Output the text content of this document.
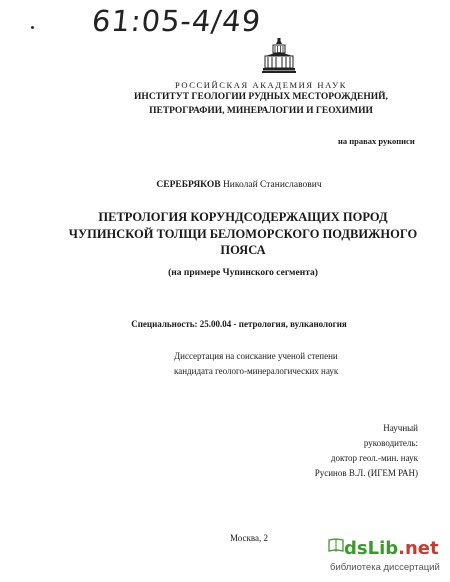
61:05-4/49
РОССИЙСКАЯ АКАДЕМИЯ НАУК
ИНСТИТУТ ГЕОЛОГИИ РУДНЫХ МЕСТОРОЖДЕНИЙ,
ПЕТРОГРАФИИ, МИНЕРАЛОГИИ И ГЕОХИМИИ
на правах рукописи
СЕРЕБРЯКОВ Николай Станиславович
ПЕТРОЛОГИЯ КОРУНДСОДЕРЖАЩИХ ПОРОД
ЧУПИНСКОЙ ТОЛЩИ БЕЛОМОРСКОГО ПОДВИЖНОГО
ПОЯСА
(на примере Чупинского сегмента)
Специальность: 25.00.04 - петрология, вулканология
Диссертация на соискание ученой степени
кандидата геолого-минералогических наук
Научный руководитель:
доктор геол.-мин. наук
Русинов В.Л. (ИГЕМ РАН)
Москва, 2	dsLib.net
библиотека диссертаций
